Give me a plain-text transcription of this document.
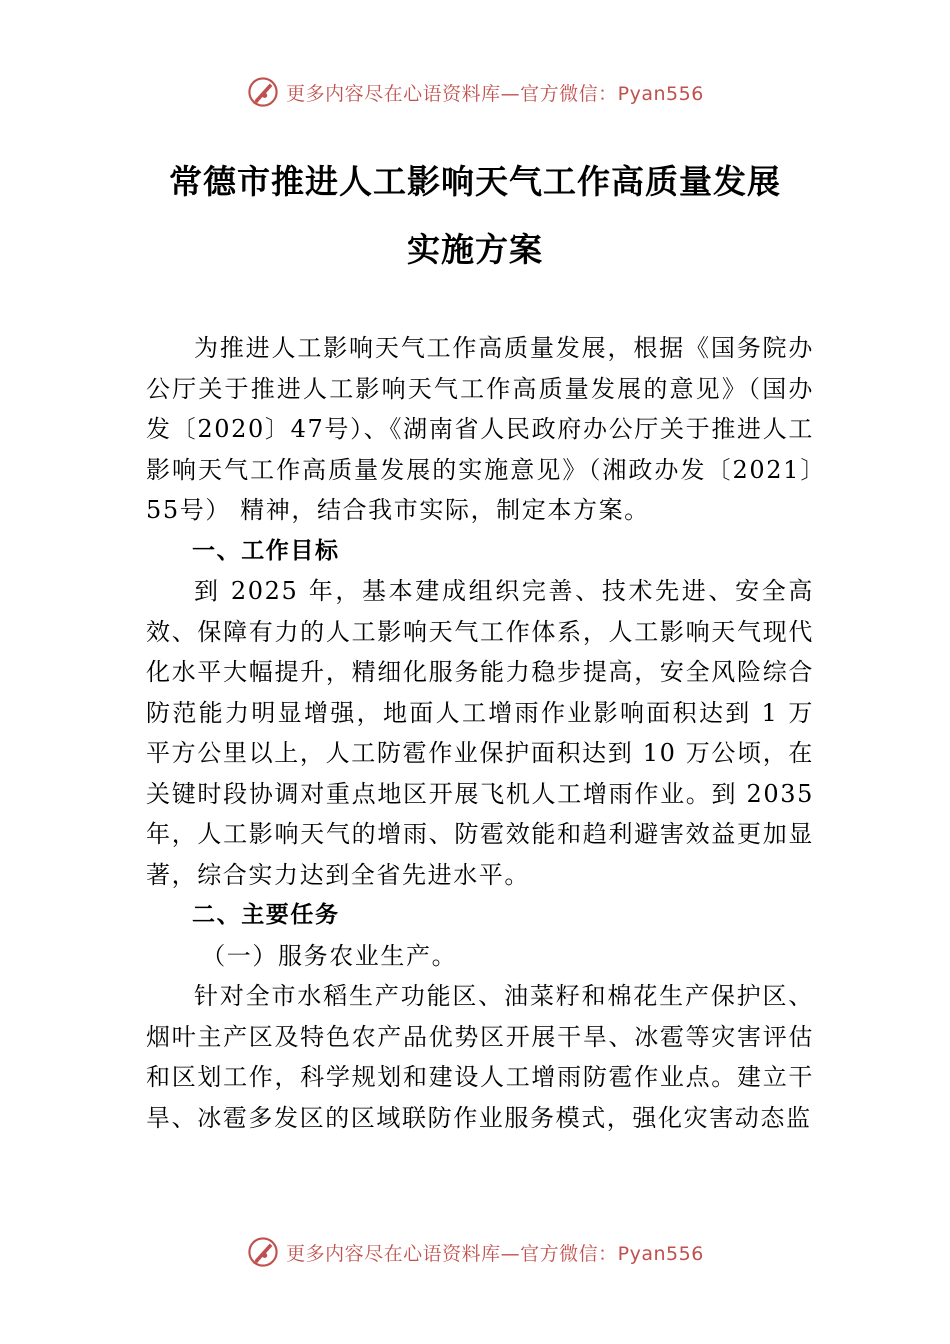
更多内容尽在心语资料库—官方微信：Pyan556
常德市推进人工影响天气工作高质量发展
实施方案

为推进人工影响天气工作高质量发展，根据《国务院办公厅关于推进人工影响天气工作高质量发展的意见》（国办发〔2020〕47号）、《湖南省人民政府办公厅关于推进人工影响天气工作高质量发展的实施意见》（湘政办发〔2021〕55号） 精神，结合我市实际，制定本方案。

一、工作目标

到 2025 年，基本建成组织完善、技术先进、安全高效、保障有力的人工影响天气工作体系，人工影响天气现代化水平大幅提升，精细化服务能力稳步提高，安全风险综合防范能力明显增强，地面人工增雨作业影响面积达到 1 万平方公里以上，人工防雹作业保护面积达到 10 万公顷，在关键时段协调对重点地区开展飞机人工增雨作业。到 2035 年，人工影响天气的增雨、防雹效能和趋利避害效益更加显著，综合实力达到全省先进水平。

二、主要任务
（一）服务农业生产。

针对全市水稻生产功能区、油菜籽和棉花生产保护区、烟叶主产区及特色农产品优势区开展干旱、冰雹等灾害评估和区划工作，科学规划和建设人工增雨防雹作业点。建立干旱、冰雹多发区的区域联防作业服务模式，强化灾害动态监

更多内容尽在心语资料库—官方微信：Pyan556
